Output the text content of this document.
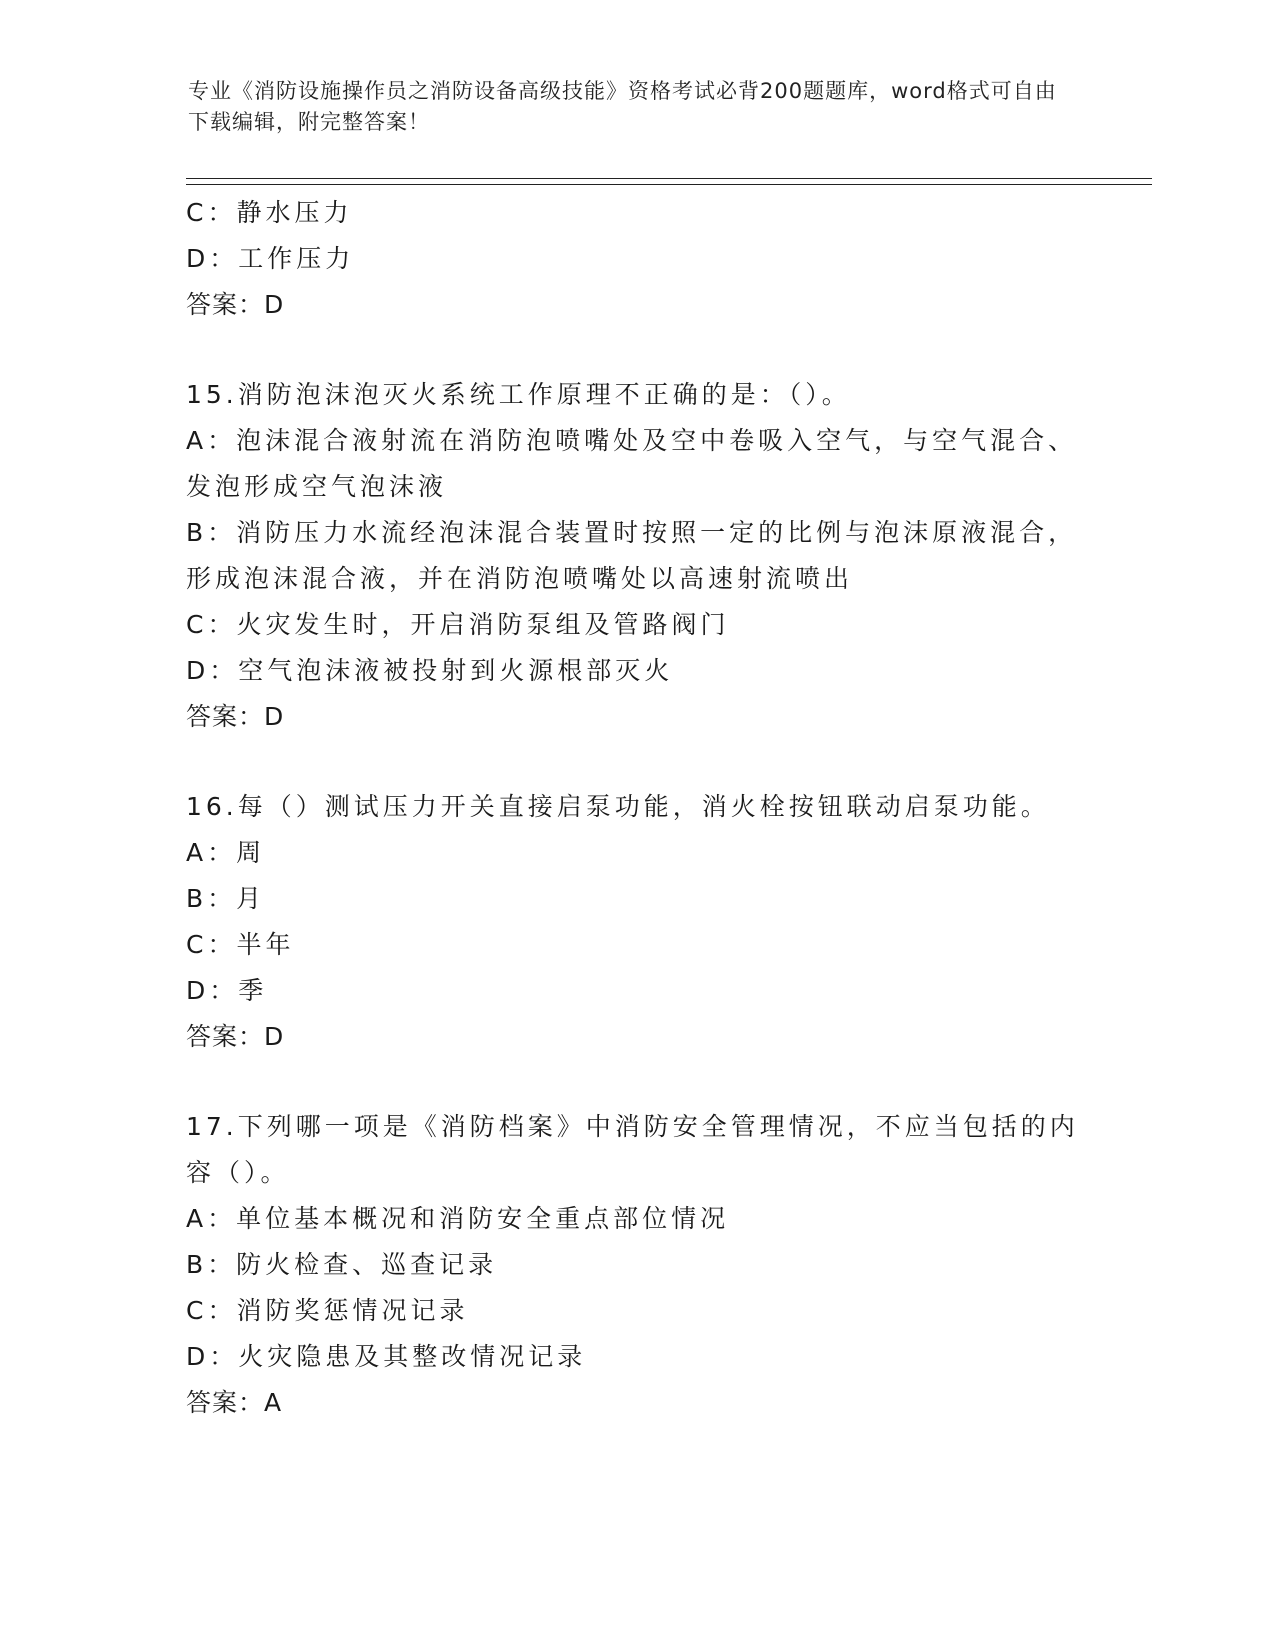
专业《消防设施操作员之消防设备高级技能》资格考试必背200题题库，word格式可自由下载编辑，附完整答案！
C：静水压力
D：工作压力
答案：D
15.消防泡沫泡灭火系统工作原理不正确的是：（）。
A：泡沫混合液射流在消防泡喷嘴处及空中卷吸入空气，与空气混合、发泡形成空气泡沫液
B：消防压力水流经泡沫混合装置时按照一定的比例与泡沫原液混合，形成泡沫混合液，并在消防泡喷嘴处以高速射流喷出
C：火灾发生时，开启消防泵组及管路阀门
D：空气泡沫液被投射到火源根部灭火
答案：D
16.每（）测试压力开关直接启泵功能，消火栓按钮联动启泵功能。
A：周
B：月
C：半年
D：季
答案：D
17.下列哪一项是《消防档案》中消防安全管理情况，不应当包括的内容（）。
A：单位基本概况和消防安全重点部位情况
B：防火检查、巡查记录
C：消防奖惩情况记录
D：火灾隐患及其整改情况记录
答案：A
